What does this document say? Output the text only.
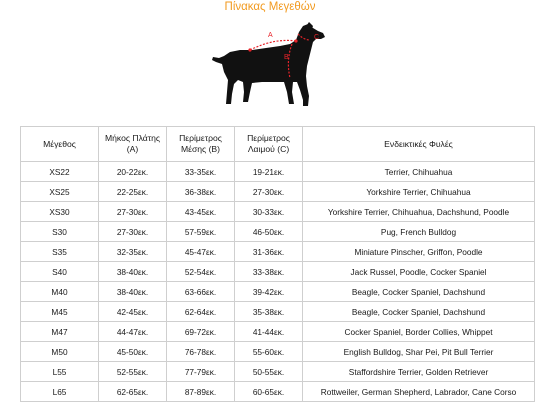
Πίνακας Μεγεθών
A
B
C
Μέγεθος	Μήκος Πλάτης (A)	Περίμετρος Μέσης (B)	Περίμετρος Λαιμού (C)	Ενδεικτικές Φυλές
XS22	20-22εκ.	33-35εκ.	19-21εκ.	Terrier, Chihuahua
XS25	22-25εκ.	36-38εκ.	27-30εκ.	Yorkshire Terrier, Chihuahua
XS30	27-30εκ.	43-45εκ.	30-33εκ.	Yorkshire Terrier, Chihuahua, Dachshund, Poodle
S30	27-30εκ.	57-59εκ.	46-50εκ.	Pug, French Bulldog
S35	32-35εκ.	45-47εκ.	31-36εκ.	Miniature Pinscher, Griffon, Poodle
S40	38-40εκ.	52-54εκ.	33-38εκ.	Jack Russel, Poodle, Cocker Spaniel
M40	38-40εκ.	63-66εκ.	39-42εκ.	Beagle, Cocker Spaniel, Dachshund
M45	42-45εκ.	62-64εκ.	35-38εκ.	Beagle, Cocker Spaniel, Dachshund
M47	44-47εκ.	69-72εκ.	41-44εκ.	Cocker Spaniel, Border Collies, Whippet
M50	45-50εκ.	76-78εκ.	55-60εκ.	English Bulldog, Shar Pei, Pit Bull Terrier
L55	52-55εκ.	77-79εκ.	50-55εκ.	Staffordshire Terrier, Golden Retriever
L65	62-65εκ.	87-89εκ.	60-65εκ.	Rottweiler, German Shepherd, Labrador, Cane Corso
